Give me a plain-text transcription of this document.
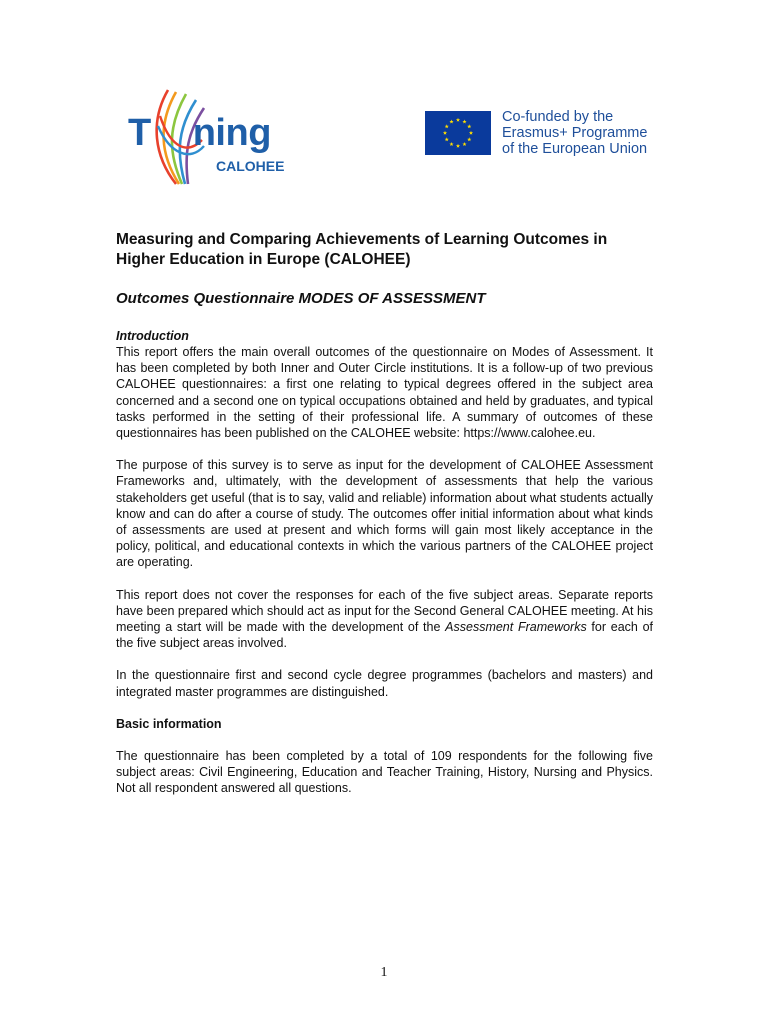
T ning
CALOHEE
Co-funded by the
Erasmus+ Programme
of the European Union
Measuring and Comparing Achievements of Learning Outcomes in Higher Education in Europe (CALOHEE)
Outcomes Questionnaire MODES OF ASSESSMENT
Introduction

This report offers the main overall outcomes of the questionnaire on Modes of Assessment. It has been completed by both Inner and Outer Circle institutions. It is a follow-up of two previous CALOHEE questionnaires: a first one relating to typical degrees offered in the subject area concerned and a second one on typical occupations obtained and held by graduates, and typical tasks performed in the setting of their professional life. A summary of outcomes of these questionnaires has been published on the CALOHEE website: https://www.calohee.eu.

The purpose of this survey is to serve as input for the development of CALOHEE Assessment Frameworks and, ultimately, with the development of assessments that help the various stakeholders get useful (that is to say, valid and reliable) information about what students actually know and can do after a course of study. The outcomes offer initial information about what kinds of assessments are used at present and which forms will gain most likely acceptance in the policy, political, and educational contexts in which the various partners of the CALOHEE project are operating.

This report does not cover the responses for each of the five subject areas. Separate reports have been prepared which should act as input for the Second General CALOHEE meeting. At his meeting a start will be made with the development of the Assessment Frameworks for each of the five subject areas involved.

In the questionnaire first and second cycle degree programmes (bachelors and masters) and integrated master programmes are distinguished.

Basic information

The questionnaire has been completed by a total of 109 respondents for the following five subject areas: Civil Engineering, Education and Teacher Training, History, Nursing and Physics. Not all respondent answered all questions.

1
